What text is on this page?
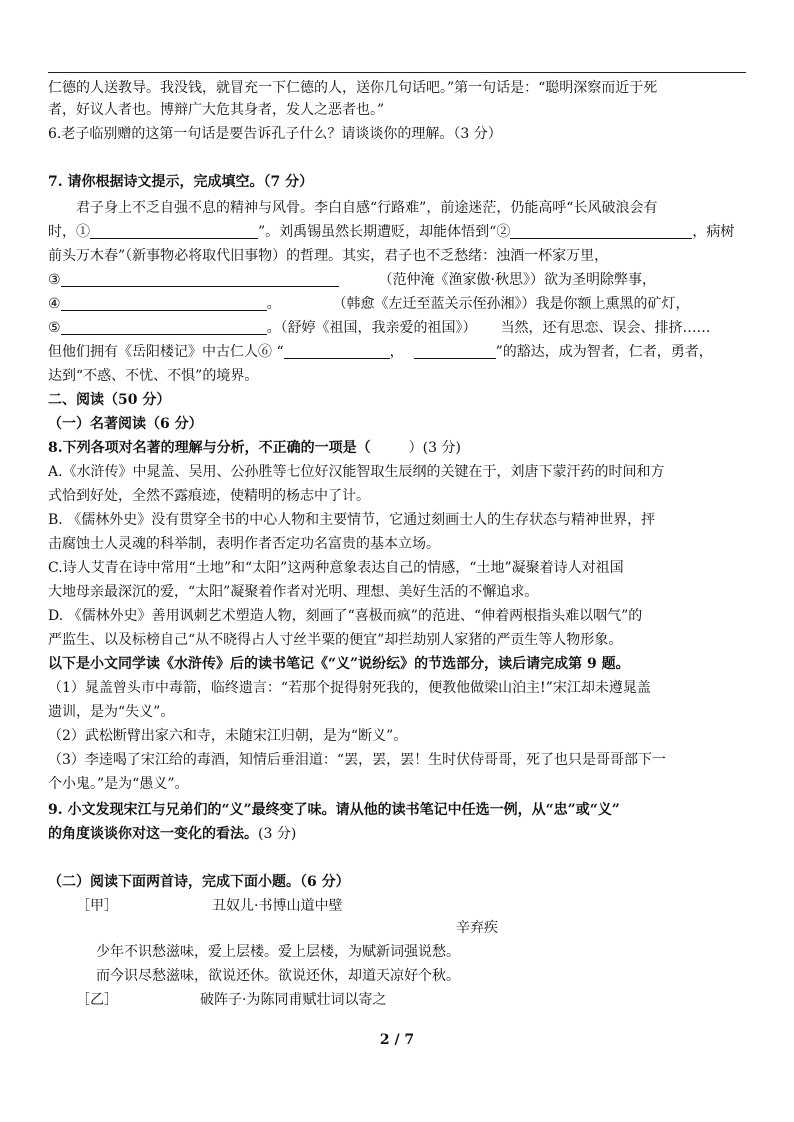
仁德的人送教导。我没钱，就冒充一下仁德的人，送你几句话吧。”第一句话是：“聪明深察而近于死
者，好议人者也。博辩广大危其身者，发人之恶者也。”
6.老子临别赠的这第一句话是要告诉孔子什么？请谈谈你的理解。（3 分）
7. 请你根据诗文提示，完成填空。（7 分）
君子身上不乏自强不息的精神与风骨。李白自感“行路难”，前途迷茫，仍能高呼“长风破浪会有
时，①	”。刘禹锡虽然长期遭贬，却能体悟到“②	，病树
前头万木春”（新事物必将取代旧事物）的哲理。其实，君子也不乏愁绪：浊酒一杯家万里，
③	（范仲淹《渔家傲·秋思》）欲为圣明除弊事，
④	。	（韩愈《左迁至蓝关示侄孙湘》）我是你额上熏黑的矿灯，
⑤	。（舒婷《祖国，我亲爱的祖国》） 当然，还有思恋、误会、排挤……
但他们拥有《岳阳楼记》中古仁人⑥ “	，	”的豁达，成为智者，仁者，勇者，
达到“不惑、不忧、不惧”的境界。
二、阅读（50 分）
（一）名著阅读（6 分）
8.下列各项对名著的理解与分析，不正确的一项是（	）(3 分)
A.《水浒传》中晁盖、吴用、公孙胜等七位好汉能智取生辰纲的关键在于，刘唐下蒙汗药的时间和方
式恰到好处，全然不露痕迹，使精明的杨志中了计。
B. 《儒林外史》没有贯穿全书的中心人物和主要情节，它通过刻画士人的生存状态与精神世界，抨
击腐蚀士人灵魂的科举制，表明作者否定功名富贵的基本立场。
C.诗人艾青在诗中常用“土地”和“太阳”这两种意象表达自己的情感，“土地”凝聚着诗人对祖国
大地母亲最深沉的爱，“太阳”凝聚着作者对光明、理想、美好生活的不懈追求。
D. 《儒林外史》善用讽刺艺术塑造人物，刻画了“喜极而疯”的范进、“伸着两根指头难以咽气”的
严监生、以及标榜自己“从不晓得占人寸丝半粟的便宜”却拦劫别人家猪的严贡生等人物形象。
以下是小文同学读《水浒传》后的读书笔记《“义”说纷纭》的节选部分，读后请完成第 9 题。
（1）晁盖曾头市中毒箭，临终遗言：“若那个捉得射死我的，便教他做梁山泊主!”宋江却未遵晁盖
遗训，是为“失义”。
（2）武松断臂出家六和寺，未随宋江归朝，是为“断义”。
（3）李逵喝了宋江给的毒酒，知情后垂泪道：“罢，罢，罢！生时伏侍哥哥，死了也只是哥哥部下一
个小鬼。”是为“愚义”。
9. 小文发现宋江与兄弟们的“义”最终变了味。请从他的读书笔记中任选一例，从“忠”或“义”
的角度谈谈你对这一变化的看法。(3 分)
（二）阅读下面两首诗，完成下面小题。（6 分）
［甲］	丑奴儿·书博山道中壁
辛弃疾
少年不识愁滋味，爱上层楼。爱上层楼，为赋新词强说愁。
而今识尽愁滋味，欲说还休。欲说还休，却道天凉好个秋。
［乙］	破阵子·为陈同甫赋壮词以寄之
2 / 7
